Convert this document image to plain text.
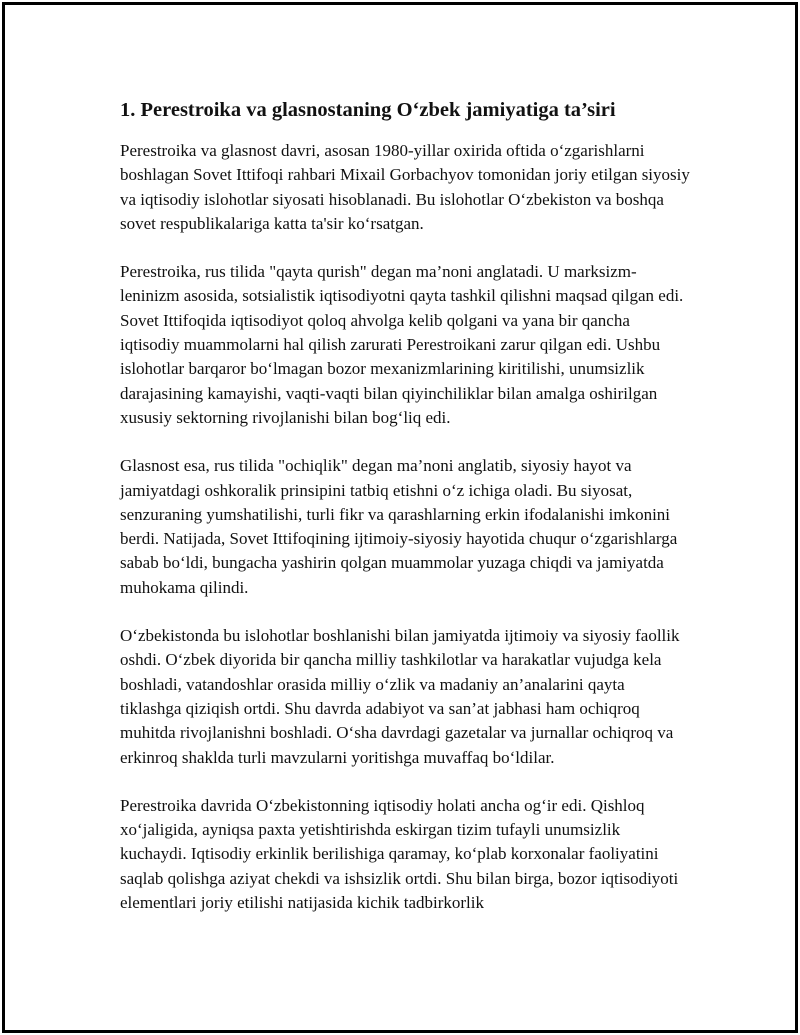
1. Perestroika va glasnostaning O‘zbek jamiyatiga ta’siri

Perestroika va glasnost davri, asosan 1980-yillar oxirida oftida o‘zgarishlarni boshlagan Sovet Ittifoqi rahbari Mixail Gorbachyov tomonidan joriy etilgan siyosiy va iqtisodiy islohotlar siyosati hisoblanadi. Bu islohotlar O‘zbekiston va boshqa sovet respublikalariga katta ta'sir ko‘rsatgan.

Perestroika, rus tilida "qayta qurish" degan ma’noni anglatadi. U marksizm-leninizm asosida, sotsialistik iqtisodiyotni qayta tashkil qilishni maqsad qilgan edi. Sovet Ittifoqida iqtisodiyot qoloq ahvolga kelib qolgani va yana bir qancha iqtisodiy muammolarni hal qilish zarurati Perestroikani zarur qilgan edi. Ushbu islohotlar barqaror bo‘lmagan bozor mexanizmlarining kiritilishi, unumsizlik darajasining kamayishi, vaqti-vaqti bilan qiyinchiliklar bilan amalga oshirilgan xususiy sektorning rivojlanishi bilan bog‘liq edi.

Glasnost esa, rus tilida "ochiqlik" degan ma’noni anglatib, siyosiy hayot va jamiyatdagi oshkoralik prinsipini tatbiq etishni o‘z ichiga oladi. Bu siyosat, senzuraning yumshatilishi, turli fikr va qarashlarning erkin ifodalanishi imkonini berdi. Natijada, Sovet Ittifoqining ijtimoiy-siyosiy hayotida chuqur o‘zgarishlarga sabab bo‘ldi, bungacha yashirin qolgan muammolar yuzaga chiqdi va jamiyatda muhokama qilindi.

O‘zbekistonda bu islohotlar boshlanishi bilan jamiyatda ijtimoiy va siyosiy faollik oshdi. O‘zbek diyorida bir qancha milliy tashkilotlar va harakatlar vujudga kela boshladi, vatandoshlar orasida milliy o‘zlik va madaniy an’analarini qayta tiklashga qiziqish ortdi. Shu davrda adabiyot va san’at jabhasi ham ochiqroq muhitda rivojlanishni boshladi. O‘sha davrdagi gazetalar va jurnallar ochiqroq va erkinroq shaklda turli mavzularni yoritishga muvaffaq bo‘ldilar.

Perestroika davrida O‘zbekistonning iqtisodiy holati ancha og‘ir edi. Qishloq xo‘jaligida, ayniqsa paxta yetishtirishda eskirgan tizim tufayli unumsizlik kuchaydi. Iqtisodiy erkinlik berilishiga qaramay, ko‘plab korxonalar faoliyatini saqlab qolishga aziyat chekdi va ishsizlik ortdi. Shu bilan birga, bozor iqtisodiyoti elementlari joriy etilishi natijasida kichik tadbirkorlik
